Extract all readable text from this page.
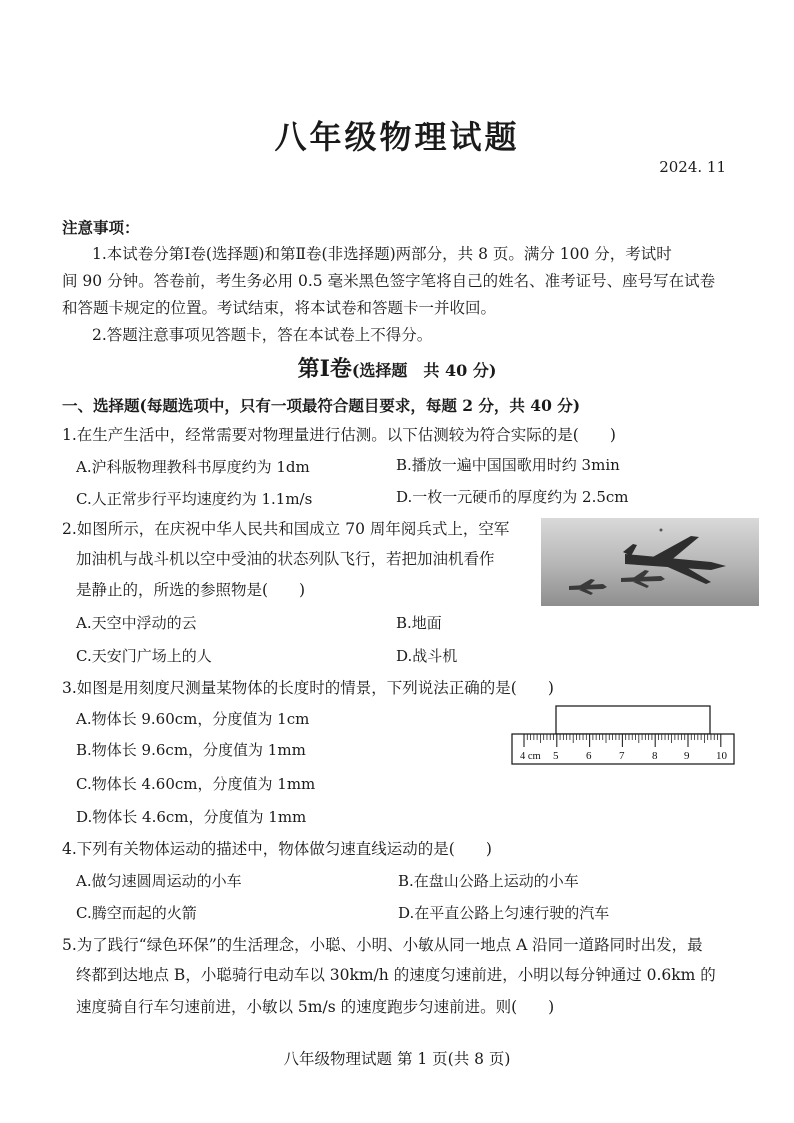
八年级物理试题
2024. 11
注意事项：
1.本试卷分第Ⅰ卷(选择题)和第Ⅱ卷(非选择题)两部分，共 8 页。满分 100 分，考试时
间 90 分钟。答卷前，考生务必用 0.5 毫米黑色签字笔将自己的姓名、准考证号、座号写在试卷
和答题卡规定的位置。考试结束，将本试卷和答题卡一并收回。
2.答题注意事项见答题卡，答在本试卷上不得分。
第Ⅰ卷(选择题　共 40 分)
一、选择题(每题选项中，只有一项最符合题目要求，每题 2 分，共 40 分)
1.在生产生活中，经常需要对物理量进行估测。以下估测较为符合实际的是(　　)
A.沪科版物理教科书厚度约为 1dm	B.播放一遍中国国歌用时约 3min
C.人正常步行平均速度约为 1.1m/s	D.一枚一元硬币的厚度约为 2.5cm
2.如图所示，在庆祝中华人民共和国成立 70 周年阅兵式上，空军
加油机与战斗机以空中受油的状态列队飞行，若把加油机看作
是静止的，所选的参照物是(　　)
A.天空中浮动的云	B.地面
C.天安门广场上的人	D.战斗机
3.如图是用刻度尺测量某物体的长度时的情景，下列说法正确的是(　　)
A.物体长 9.60cm，分度值为 1cm
B.物体长 9.6cm，分度值为 1mm
C.物体长 4.60cm，分度值为 1mm
D.物体长 4.6cm，分度值为 1mm
4 cm 5	6	7	8 9 10
4.下列有关物体运动的描述中，物体做匀速直线运动的是(　　)
A.做匀速圆周运动的小车	B.在盘山公路上运动的小车
C.腾空而起的火箭	D.在平直公路上匀速行驶的汽车
5.为了践行“绿色环保”的生活理念，小聪、小明、小敏从同一地点 A 沿同一道路同时出发，最
终都到达地点 B，小聪骑行电动车以 30km/h 的速度匀速前进，小明以每分钟通过 0.6km 的
速度骑自行车匀速前进，小敏以 5m/s 的速度跑步匀速前进。则(　　)
八年级物理试题 第 1 页(共 8 页)
